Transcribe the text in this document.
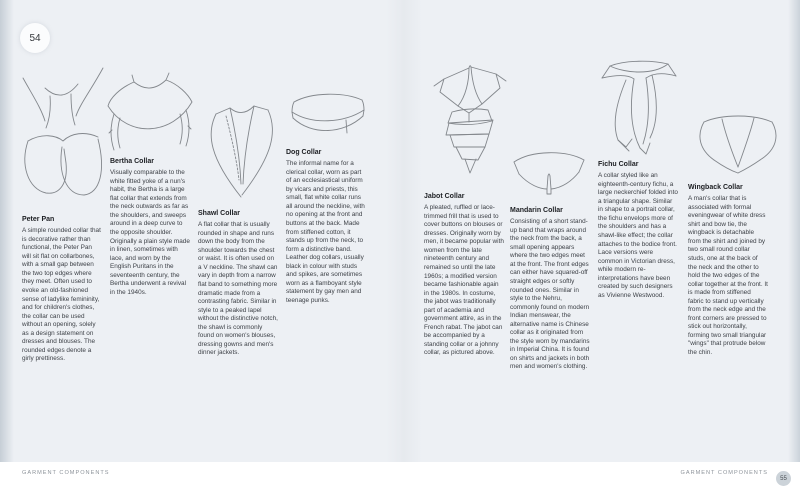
54
Peter Pan

A simple rounded collar that is decorative rather than functional, the Peter Pan will sit flat on collarbones, with a small gap between the two top edges where they meet. Often used to evoke an old-fashioned sense of ladylike femininity, and for children's clothes, the collar can be used without an opening, solely as a design statement on dresses and blouses. The rounded edges denote a girly prettiness.

Bertha Collar

Visually comparable to the white fitted yoke of a nun's habit, the Bertha is a large flat collar that extends from the neck outwards as far as the shoulders, and sweeps around in a deep curve to the opposite shoulder. Originally a plain style made in linen, sometimes with lace, and worn by the English Puritans in the seventeenth century, the Bertha underwent a revival in the 1940s.

Shawl Collar

A flat collar that is usually rounded in shape and runs down the body from the shoulder towards the chest or waist. It is often used on a V neckline. The shawl can vary in depth from a narrow flat band to something more dramatic made from a contrasting fabric. Similar in style to a peaked lapel without the distinctive notch, the shawl is commonly found on women's blouses, dressing gowns and men's dinner jackets.

Dog Collar

The informal name for a clerical collar, worn as part of an ecclesiastical uniform by vicars and priests, this small, flat white collar runs all around the neckline, with no opening at the front and buttons at the back. Made from stiffened cotton, it stands up from the neck, to form a distinctive band. Leather dog collars, usually black in colour with studs and spikes, are sometimes worn as a flamboyant style statement by gay men and teenage punks.

Jabot Collar

A pleated, ruffled or lace-trimmed frill that is used to cover buttons on blouses or dresses. Originally worn by men, it became popular with women from the late nineteenth century and remained so until the late 1960s; a modified version became fashionable again in the 1980s. In costume, the jabot was traditionally part of academia and government attire, as in the French rabat. The jabot can be accompanied by a standing collar or a johnny collar, as pictured above.

Mandarin Collar

Consisting of a short stand-up band that wraps around the neck from the back, a small opening appears where the two edges meet at the front. The front edges can either have squared-off straight edges or softly rounded ones. Similar in style to the Nehru, commonly found on modern Indian menswear, the alternative name is Chinese collar as it originated from the style worn by mandarins in Imperial China. It is found on shirts and jackets in both men and women's clothing.

Fichu Collar

A collar styled like an eighteenth-century fichu, a large neckerchief folded into a triangular shape. Similar in shape to a portrait collar, the fichu envelops more of the shoulders and has a shawl-like effect; the collar attaches to the bodice front. Lace versions were common in Victorian dress, while modern re-interpretations have been created by such designers as Vivienne Westwood.

Wingback Collar

A man's collar that is associated with formal eveningwear of white dress shirt and bow tie, the wingback is detachable from the shirt and joined by two small round collar studs, one at the back of the neck and the other to hold the two edges of the collar together at the front. It is made from stiffened fabric to stand up vertically from the neck edge and the front corners are pressed to stick out horizontally, forming two small triangular "wings" that protrude below the chin.

GARMENT COMPONENTS	GARMENT COMPONENTS
55
